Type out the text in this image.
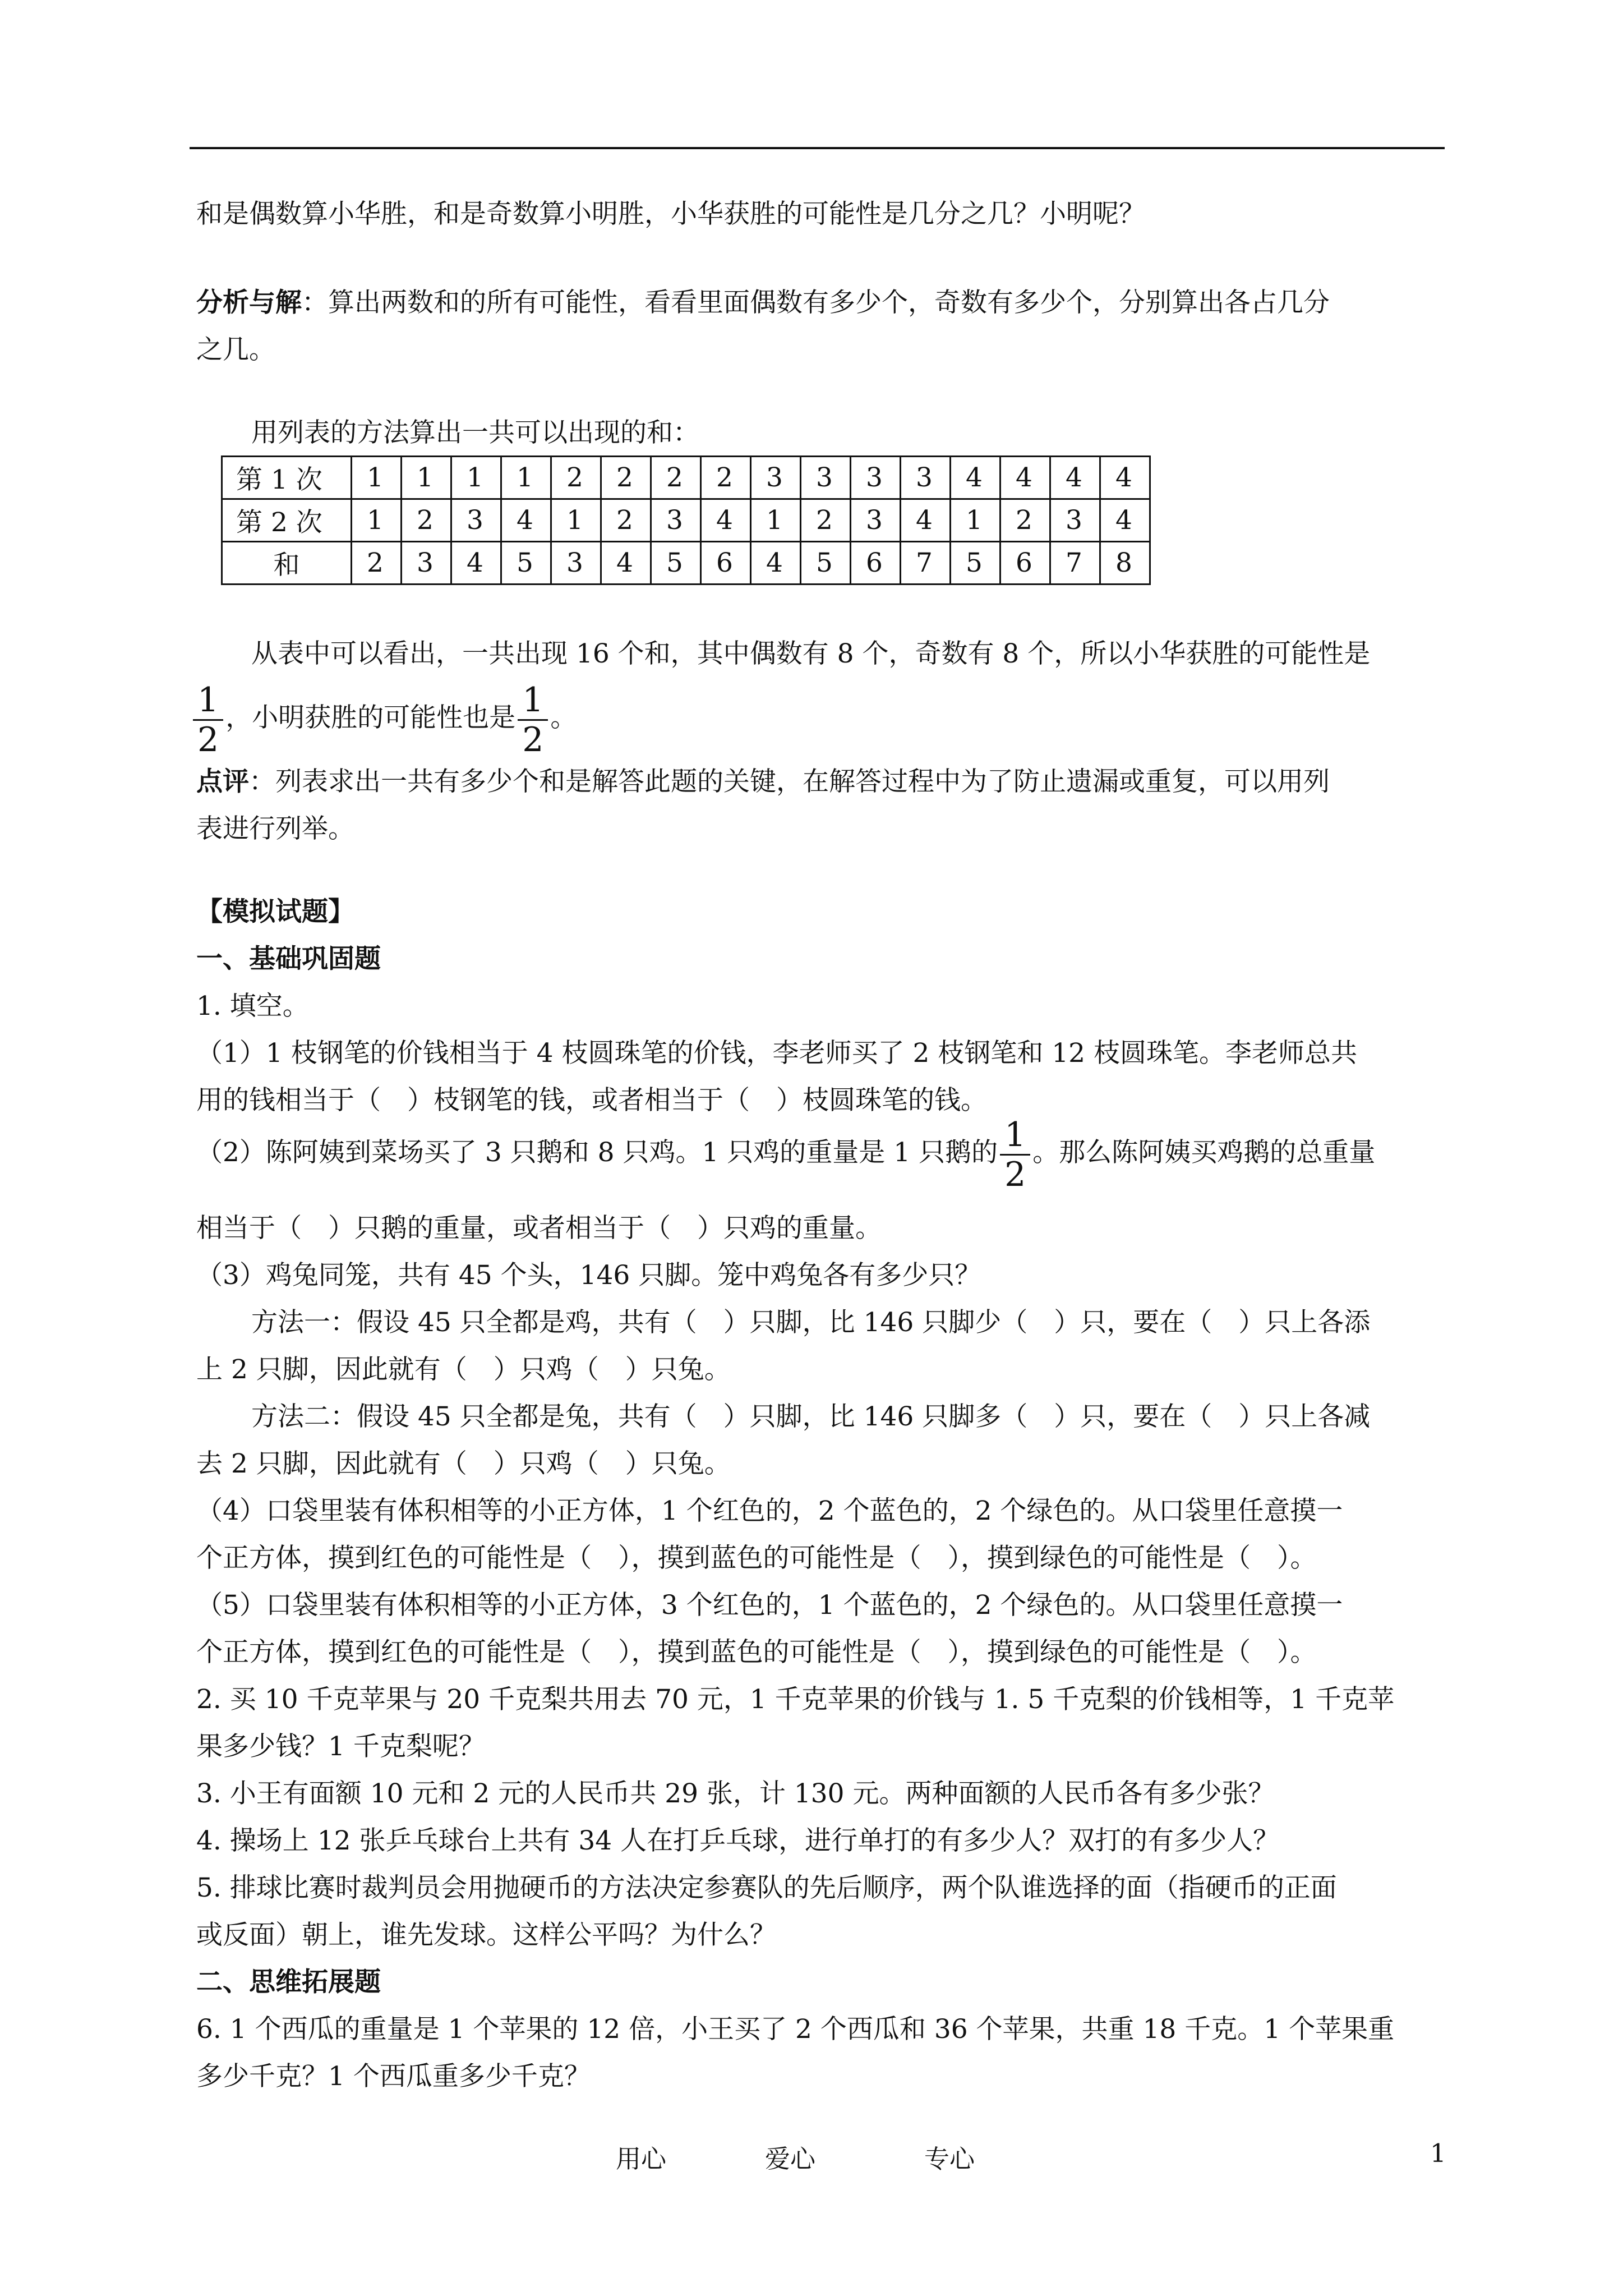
和是偶数算小华胜，和是奇数算小明胜，小华获胜的可能性是几分之几？小明呢？

分析与解：算出两数和的所有可能性，看看里面偶数有多少个，奇数有多少个，分别算出各占几分

之几。

用列表的方法算出一共可以出现的和：

第 1 次	1	1	1	1	2	2	2	2	3	3	3	3	4	4	4	4
第 2 次	1	2	3	4	1	2	3	4	1	2	3	4	1	2	3	4
和	2	3	4	5	3	4	5	6	4	5	6	7	5	6	7	8

从表中可以看出，一共出现 16 个和，其中偶数有 8 个，奇数有 8 个，所以小华获胜的可能性是

$\frac{1}{2}$ ，小明获胜的可能性也是 $\frac{1}{2}$ 。

点评：列表求出一共有多少个和是解答此题的关键，在解答过程中为了防止遗漏或重复，可以用列

表进行列举。

【模拟试题】

一、基础巩固题

1. 填空。

（1）1 枝钢笔的价钱相当于 4 枝圆珠笔的价钱，李老师买了 2 枝钢笔和 12 枝圆珠笔。李老师总共

用的钱相当于（　）枝钢笔的钱，或者相当于（　）枝圆珠笔的钱。

（2）陈阿姨到菜场买了 3 只鹅和 8 只鸡。1 只鸡的重量是 1 只鹅的 $\frac{1}{2}$ 。那么陈阿姨买鸡鹅的总重量

相当于（　）只鹅的重量，或者相当于（　）只鸡的重量。

（3）鸡兔同笼，共有 45 个头，146 只脚。笼中鸡兔各有多少只？

方法一：假设 45 只全都是鸡，共有（　）只脚，比 146 只脚少（　）只，要在（　）只上各添

上 2 只脚，因此就有（　）只鸡（　）只兔。

方法二：假设 45 只全都是兔，共有（　）只脚，比 146 只脚多（　）只，要在（　）只上各减

去 2 只脚，因此就有（　）只鸡（　）只兔。

（4）口袋里装有体积相等的小正方体，1 个红色的，2 个蓝色的，2 个绿色的。从口袋里任意摸一

个正方体，摸到红色的可能性是（　），摸到蓝色的可能性是（　），摸到绿色的可能性是（　）。

（5）口袋里装有体积相等的小正方体，3 个红色的，1 个蓝色的，2 个绿色的。从口袋里任意摸一

个正方体，摸到红色的可能性是（　），摸到蓝色的可能性是（　），摸到绿色的可能性是（　）。

2. 买 10 千克苹果与 20 千克梨共用去 70 元，1 千克苹果的价钱与 1. 5 千克梨的价钱相等，1 千克苹

果多少钱？1 千克梨呢？

3. 小王有面额 10 元和 2 元的人民币共 29 张，计 130 元。两种面额的人民币各有多少张？

4. 操场上 12 张乒乓球台上共有 34 人在打乒乓球，进行单打的有多少人？双打的有多少人？

5. 排球比赛时裁判员会用抛硬币的方法决定参赛队的先后顺序，两个队谁选择的面（指硬币的正面

或反面）朝上，谁先发球。这样公平吗？为什么？

二、思维拓展题

6. 1 个西瓜的重量是 1 个苹果的 12 倍，小王买了 2 个西瓜和 36 个苹果，共重 18 千克。1 个苹果重

多少千克？1 个西瓜重多少千克？

用心	爱心	专心	1
